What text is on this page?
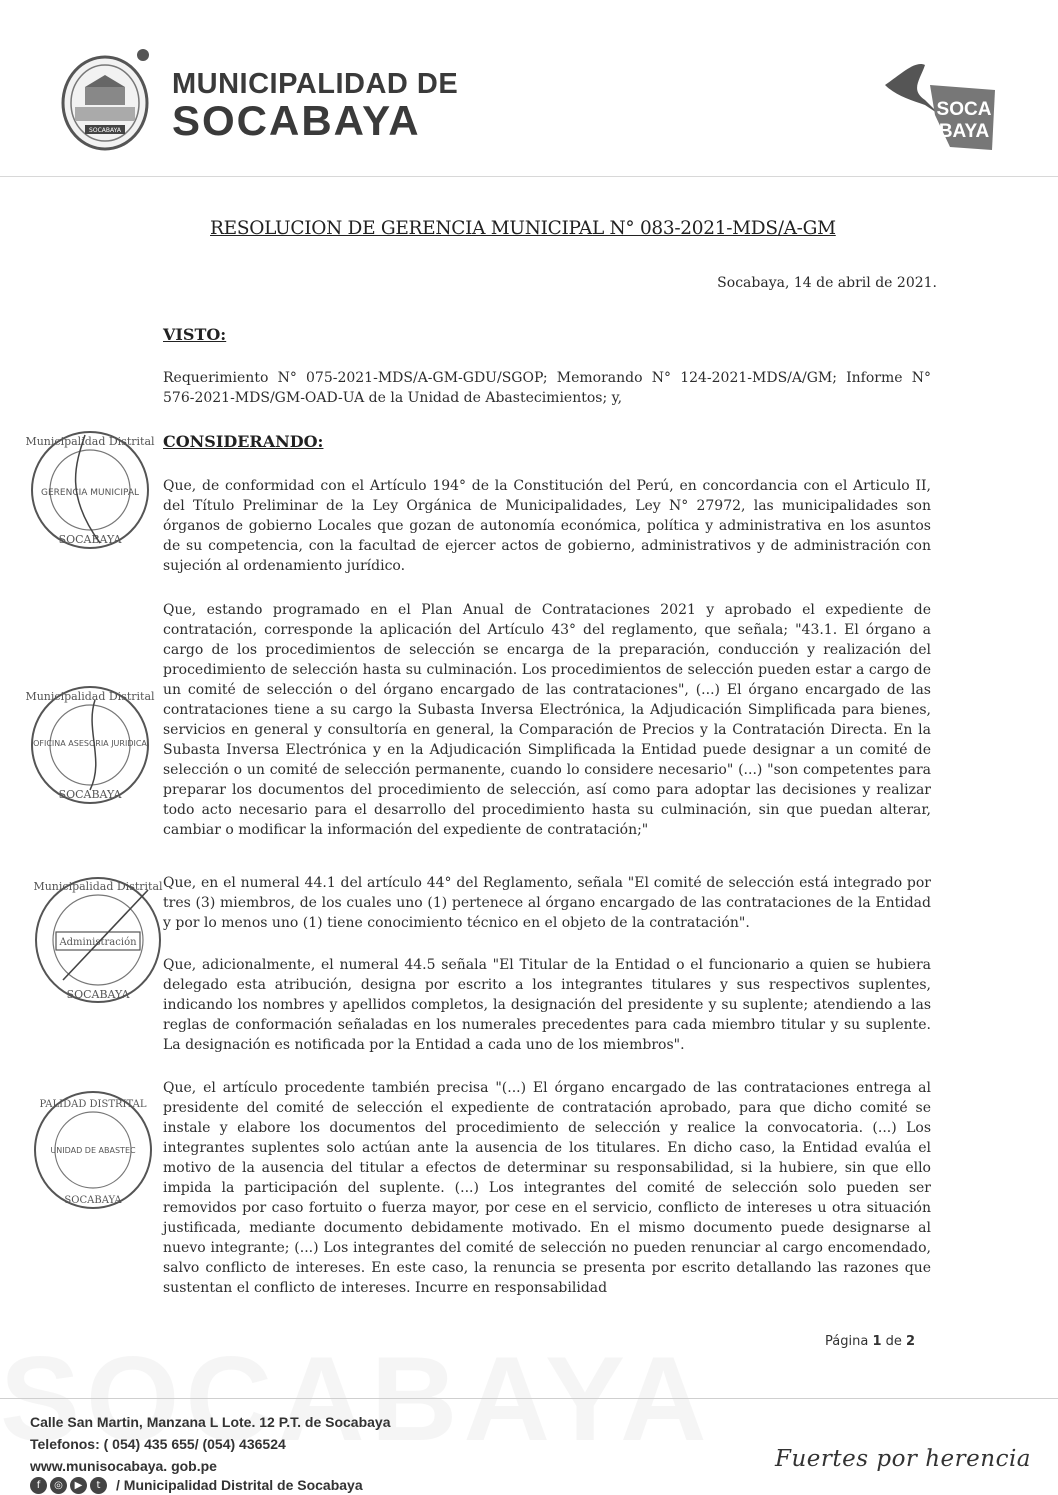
SOCABAYA
MUNICIPALIDAD DE
SOCABAYA	SOCA
BAYA
RESOLUCION DE GERENCIA MUNICIPAL N° 083-2021-MDS/A-GM
Socabaya, 14 de abril de 2021.
VISTO:
Requerimiento N° 075-2021-MDS/A-GM-GDU/SGOP; Memorando N° 124-2021-MDS/A/GM; Informe N° 576-2021-MDS/GM-OAD-UA de la Unidad de Abastecimientos; y,
CONSIDERANDO:
Que, de conformidad con el Artículo 194° de la Constitución del Perú, en concordancia con el Articulo II, del Título Preliminar de la Ley Orgánica de Municipalidades, Ley N° 27972, las municipalidades son órganos de gobierno Locales que gozan de autonomía económica, política y administrativa en los asuntos de su competencia, con la facultad de ejercer actos de gobierno, administrativos y de administración con sujeción al ordenamiento jurídico.
Que, estando programado en el Plan Anual de Contrataciones 2021 y aprobado el expediente de contratación, corresponde la aplicación del Artículo 43° del reglamento, que señala; "43.1. El órgano a cargo de los procedimientos de selección se encarga de la preparación, conducción y realización del procedimiento de selección hasta su culminación. Los procedimientos de selección pueden estar a cargo de un comité de selección o del órgano encargado de las contrataciones", (...) El órgano encargado de las contrataciones tiene a su cargo la Subasta Inversa Electrónica, la Adjudicación Simplificada para bienes, servicios en general y consultoría en general, la Comparación de Precios y la Contratación Directa. En la Subasta Inversa Electrónica y en la Adjudicación Simplificada la Entidad puede designar a un comité de selección o un comité de selección permanente, cuando lo considere necesario" (...) "son competentes para preparar los documentos del procedimiento de selección, así como para adoptar las decisiones y realizar todo acto necesario para el desarrollo del procedimiento hasta su culminación, sin que puedan alterar, cambiar o modificar la información del expediente de contratación;"
Que, en el numeral 44.1 del artículo 44° del Reglamento, señala "El comité de selección está integrado por tres (3) miembros, de los cuales uno (1) pertenece al órgano encargado de las contrataciones de la Entidad y por lo menos uno (1) tiene conocimiento técnico en el objeto de la contratación".
Que, adicionalmente, el numeral 44.5 señala "El Titular de la Entidad o el funcionario a quien se hubiera delegado esta atribución, designa por escrito a los integrantes titulares y sus respectivos suplentes, indicando los nombres y apellidos completos, la designación del presidente y su suplente; atendiendo a las reglas de conformación señaladas en los numerales precedentes para cada miembro titular y su suplente. La designación es notificada por la Entidad a cada uno de los miembros".
Que, el artículo procedente también precisa "(...) El órgano encargado de las contrataciones entrega al presidente del comité de selección el expediente de contratación aprobado, para que dicho comité se instale y elabore los documentos del procedimiento de selección y realice la convocatoria. (...) Los integrantes suplentes solo actúan ante la ausencia de los titulares. En dicho caso, la Entidad evalúa el motivo de la ausencia del titular a efectos de determinar su responsabilidad, si la hubiere, sin que ello impida la participación del suplente. (...) Los integrantes del comité de selección solo pueden ser removidos por caso fortuito o fuerza mayor, por cese en el servicio, conflicto de intereses u otra situación justificada, mediante documento debidamente motivado. En el mismo documento puede designarse al nuevo integrante; (...) Los integrantes del comité de selección no pueden renunciar al cargo encomendado, salvo conflicto de intereses. En este caso, la renuncia se presenta por escrito detallando las razones que sustentan el conflicto de intereses. Incurre en responsabilidad
Municipalidad Distrital
GERENCIA MUNICIPAL
SOCABAYA
Municipalidad Distrital
OFICINA ASESORIA JURIDICA
SOCABAYA
Municipalidad Distrital
Administración
SOCABAYA
PALIDAD DISTRITAL
UNIDAD DE ABASTEC
SOCABAYA
Página 1 de 2
Calle San Martin, Manzana L Lote. 12 P.T. de Socabaya
Telefonos: ( 054) 435 655/ (054) 436524
www.munisocabaya. gob.pe
f	◎	▶	t	/ Municipalidad Distrital de Socabaya
Fuertes por herencia
